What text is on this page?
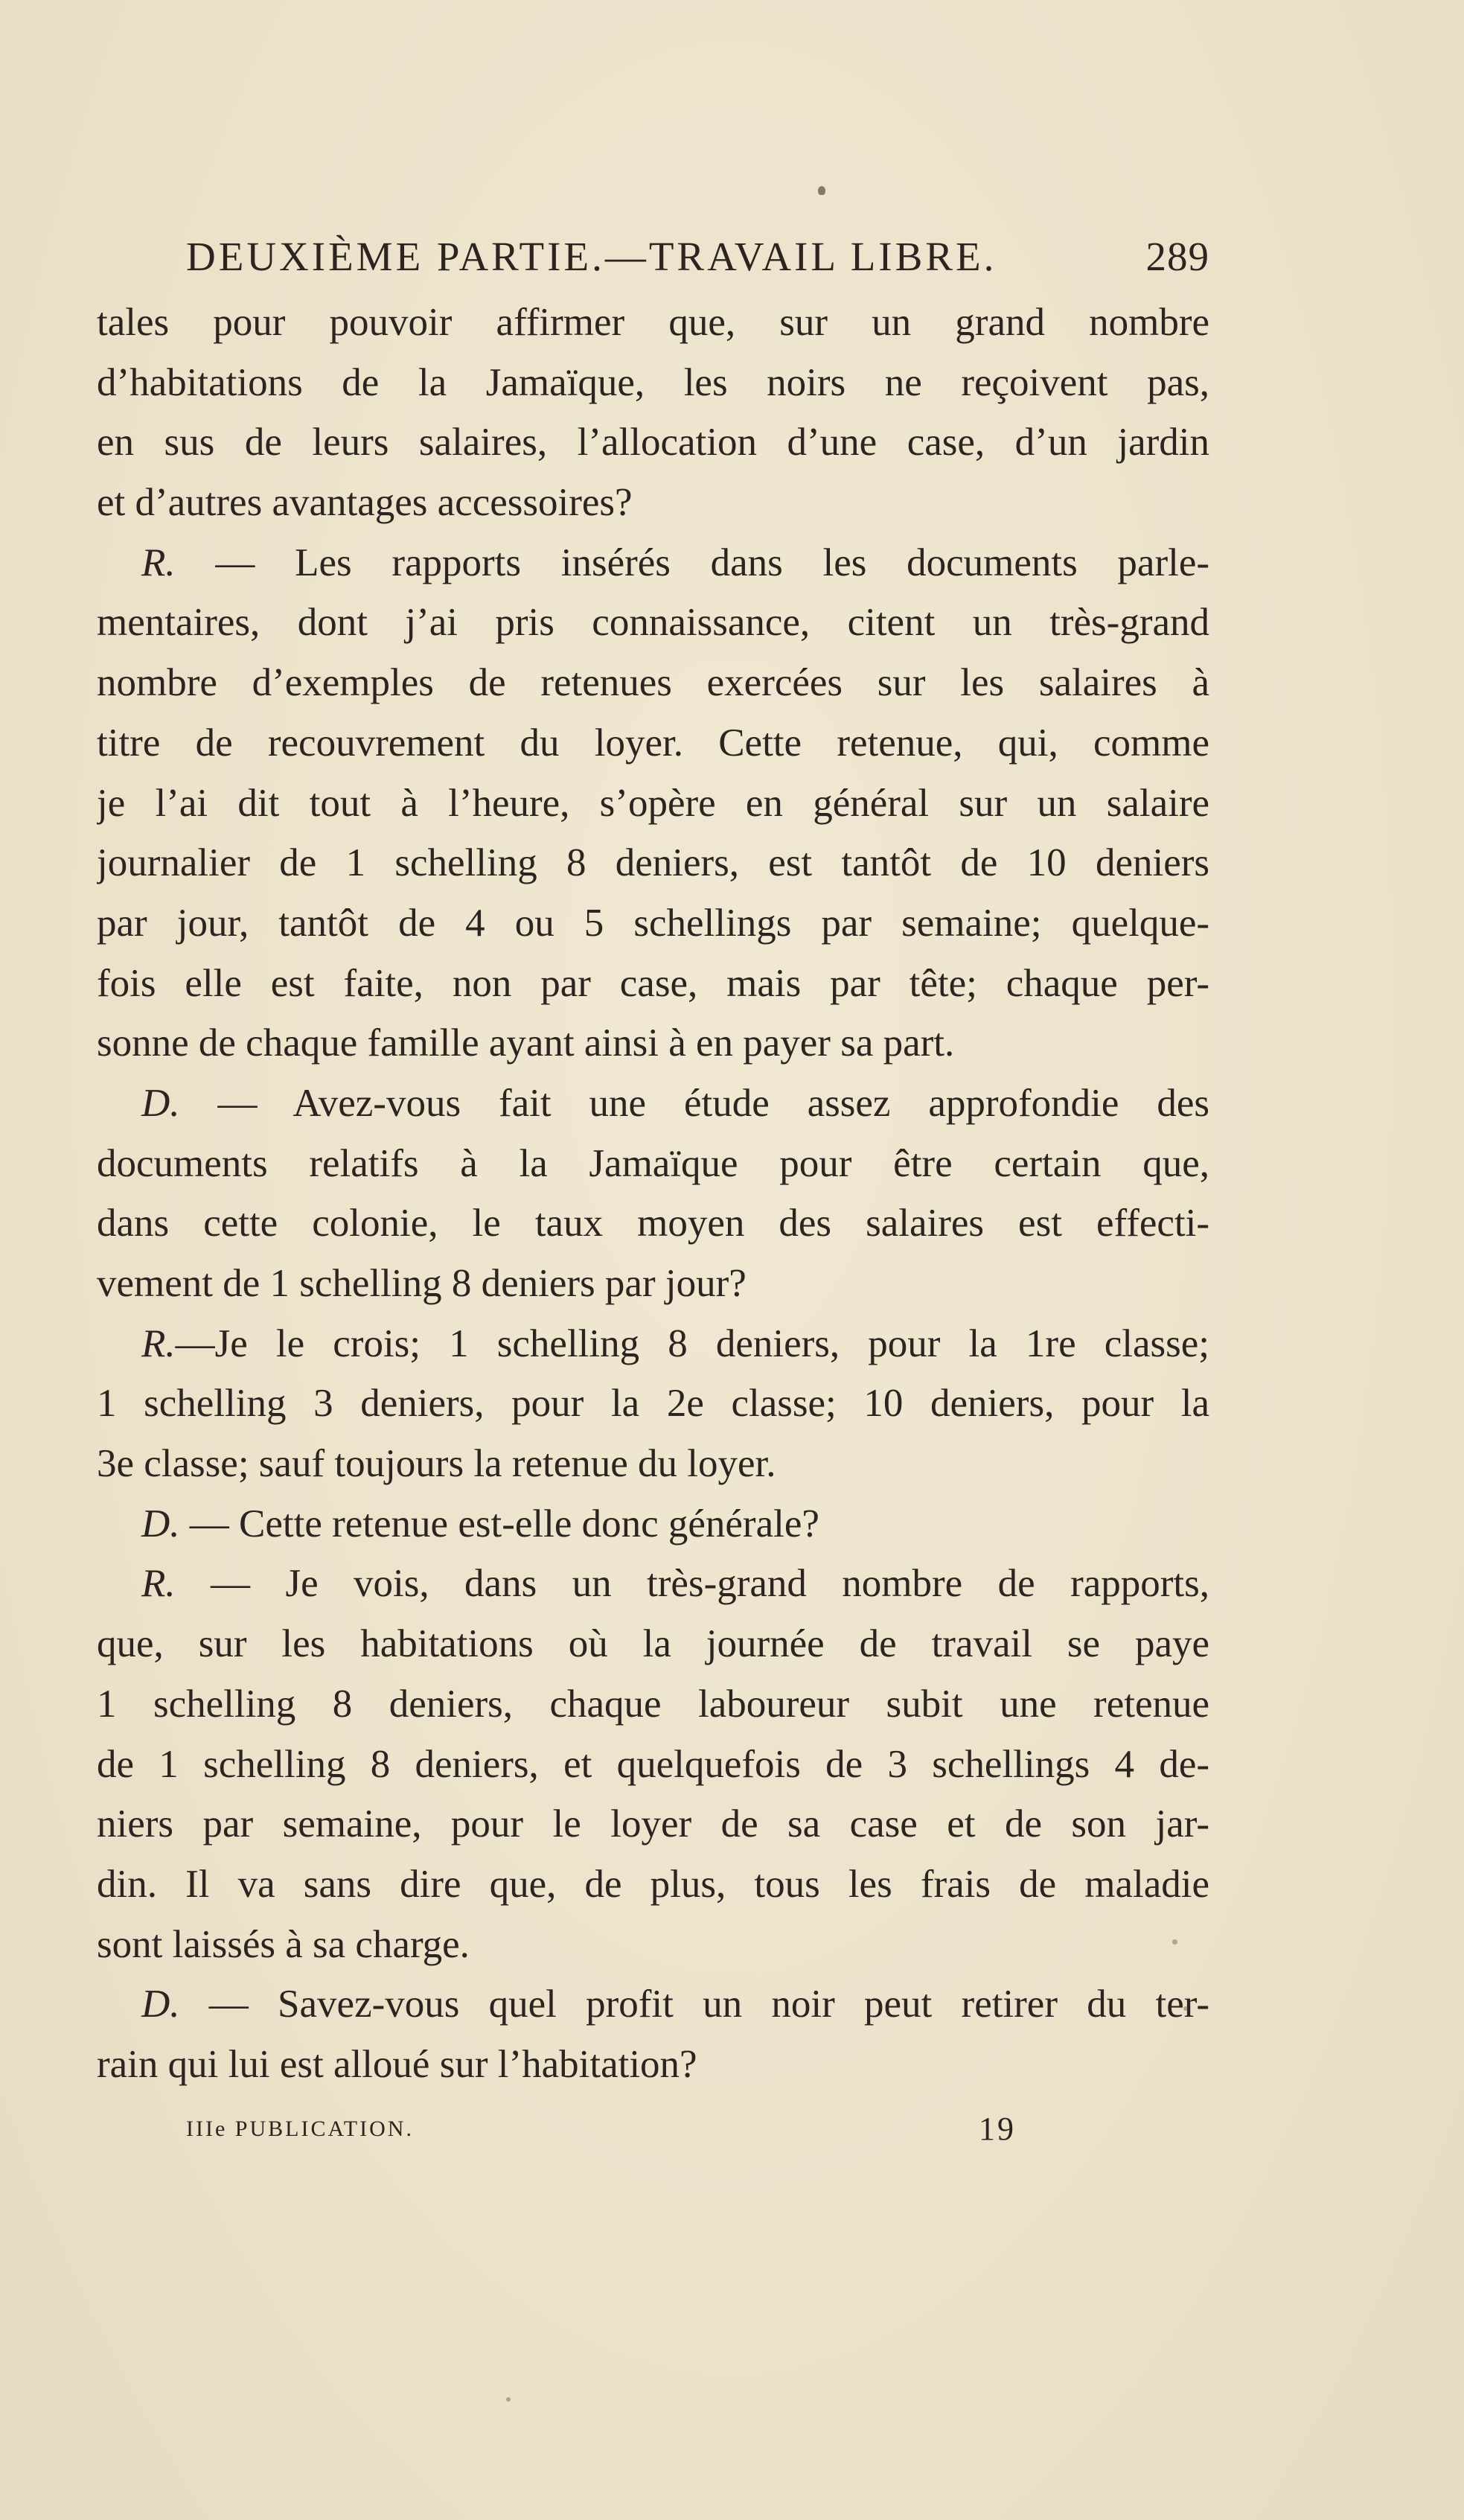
DEUXIÈME PARTIE.—TRAVAIL LIBRE.	289
tales pour pouvoir affirmer que, sur un grand nombre
d’habitations de la Jamaïque, les noirs ne reçoivent pas,
en sus de leurs salaires, l’allocation d’une case, d’un jardin
et d’autres avantages accessoires?
R. — Les rapports insérés dans les documents parle-
mentaires, dont j’ai pris connaissance, citent un très-grand
nombre d’exemples de retenues exercées sur les salaires à
titre de recouvrement du loyer. Cette retenue, qui, comme
je l’ai dit tout à l’heure, s’opère en général sur un salaire
journalier de 1 schelling 8 deniers, est tantôt de 10 deniers
par jour, tantôt de 4 ou 5 schellings par semaine; quelque-
fois elle est faite, non par case, mais par tête; chaque per-
sonne de chaque famille ayant ainsi à en payer sa part.
D. — Avez-vous fait une étude assez approfondie des
documents relatifs à la Jamaïque pour être certain que,
dans cette colonie, le taux moyen des salaires est effecti-
vement de 1 schelling 8 deniers par jour?
R.—Je le crois; 1 schelling 8 deniers, pour la 1re classe;
1 schelling 3 deniers, pour la 2e classe; 10 deniers, pour la
3e classe; sauf toujours la retenue du loyer.
D. — Cette retenue est-elle donc générale?
R. — Je vois, dans un très-grand nombre de rapports,
que, sur les habitations où la journée de travail se paye
1 schelling 8 deniers, chaque laboureur subit une retenue
de 1 schelling 8 deniers, et quelquefois de 3 schellings 4 de-
niers par semaine, pour le loyer de sa case et de son jar-
din. Il va sans dire que, de plus, tous les frais de maladie
sont laissés à sa charge.
D. — Savez-vous quel profit un noir peut retirer du ter-
rain qui lui est alloué sur l’habitation?
IIIe PUBLICATION.	19
